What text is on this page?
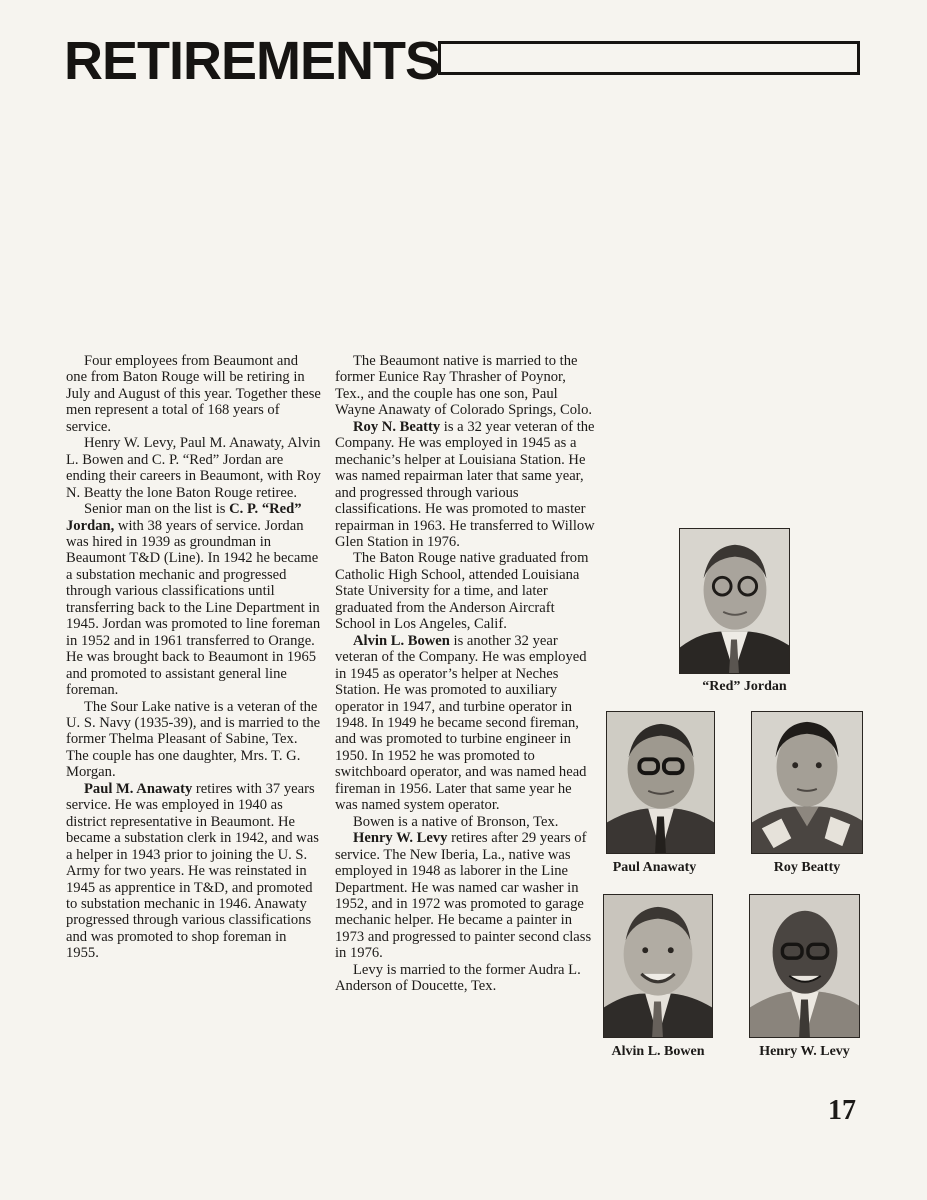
RETIREMENTS

Four employees from Beaumont and one from Baton Rouge will be retiring in July and August of this year. Together these men represent a total of 168 years of service.

Henry W. Levy, Paul M. Anawaty, Alvin L. Bowen and C. P. “Red” Jordan are ending their careers in Beaumont, with Roy N. Beatty the lone Baton Rouge retiree.

Senior man on the list is C. P. “Red” Jordan, with 38 years of service. Jordan was hired in 1939 as groundman in Beaumont T&D (Line). In 1942 he became a substation mechanic and progressed through various classifications until transferring back to the Line Department in 1945. Jordan was promoted to line foreman in 1952 and in 1961 transferred to Orange. He was brought back to Beaumont in 1965 and promoted to assistant general line foreman.

The Sour Lake native is a veteran of the U. S. Navy (1935-39), and is married to the former Thelma Pleasant of Sabine, Tex. The couple has one daughter, Mrs. T. G. Morgan.

Paul M. Anawaty retires with 37 years service. He was employed in 1940 as district representative in Beaumont. He became a substation clerk in 1942, and was a helper in 1943 prior to joining the U. S. Army for two years. He was reinstated in 1945 as apprentice in T&D, and promoted to substation mechanic in 1946. Anawaty progressed through various classifications and was promoted to shop foreman in 1955.

The Beaumont native is married to the former Eunice Ray Thrasher of Poynor, Tex., and the couple has one son, Paul Wayne Anawaty of Colorado Springs, Colo.

Roy N. Beatty is a 32 year veteran of the Company. He was employed in 1945 as a mechanic’s helper at Louisiana Station. He was named repairman later that same year, and progressed through various classifications. He was promoted to master repairman in 1963. He transferred to Willow Glen Station in 1976.

The Baton Rouge native graduated from Catholic High School, attended Louisiana State University for a time, and later graduated from the Anderson Aircraft School in Los Angeles, Calif.

Alvin L. Bowen is another 32 year veteran of the Company. He was employed in 1945 as operator’s helper at Neches Station. He was promoted to auxiliary operator in 1947, and turbine operator in 1948. In 1949 he became second fireman, and was promoted to turbine engineer in 1950. In 1952 he was promoted to switchboard operator, and was named head fireman in 1956. Later that same year he was named system operator.

Bowen is a native of Bronson, Tex.

Henry W. Levy retires after 29 years of service. The New Iberia, La., native was employed in 1948 as laborer in the Line Department. He was named car washer in 1952, and in 1972 was promoted to garage mechanic helper. He became a painter in 1973 and progressed to painter second class in 1976.

Levy is married to the former Audra L. Anderson of Doucette, Tex.

“Red” Jordan
Paul Anawaty	Roy Beatty
Alvin L. Bowen	Henry W. Levy
17
